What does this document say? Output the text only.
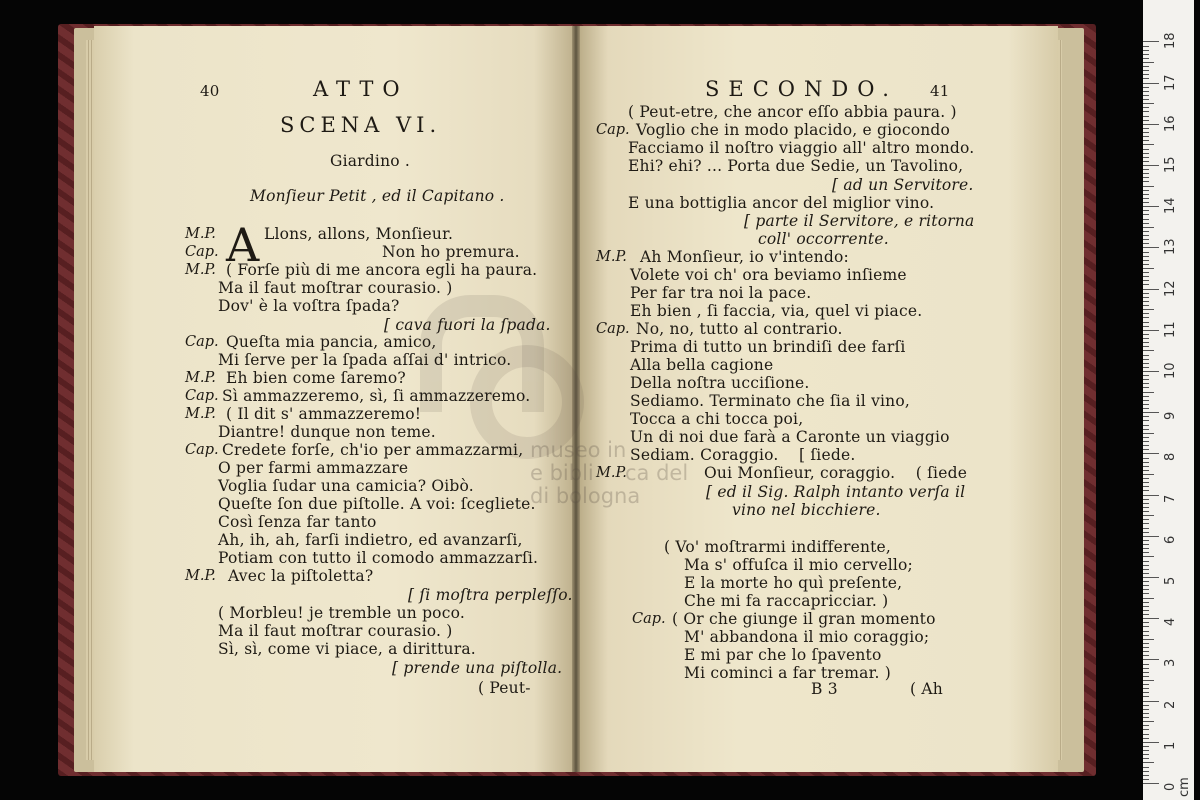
museo in
e bibli ca del
di bologna
40	ATTO
SCENA VI.
Giardino .
Monſieur Petit , ed il Capitano .
A
M.P.	Llons, allons, Monſieur.
Cap.	Non ho premura.
M.P. ( Forſe più di me ancora egli ha paura.
Ma il faut moſtrar courasio. )
Dov' è la voſtra ſpada?
[ cava fuori la ſpada.
Cap. Queſta mia pancia, amico,
Mi ſerve per la ſpada aſſai d' intrico.
M.P. Eh bien come ſaremo?
Cap. Sì ammazzeremo, sì, ſi ammazzeremo.
M.P. ( Il dit s' ammazzeremo!
Diantre! dunque non teme.
Cap. Credete forſe, ch'io per ammazzarmi,
O per farmi ammazzare
Voglia ſudar una camicia? Oibò.
Queſte ſon due piſtolle. A voi: ſcegliete.
Così ſenza far tanto
Ah, ih, ah, farſi indietro, ed avanzarſi,
Potiam con tutto il comodo ammazzarſi.
M.P. Avec la piſtoletta?
[ ſi moſtra perpleſſo.
( Morbleu! je tremble un poco.
Ma il faut moſtrar courasio. )
Sì, sì, come vi piace, a dirittura.
[ prende una piſtolla.
( Peut-
SECONDO. 41
( Peut-etre, che ancor eſſo abbia paura. )
Cap. Voglio che in modo placido, e giocondo
Facciamo il noſtro viaggio all' altro mondo.
Ehi? ehi? ... Porta due Sedie, un Tavolino,
[ ad un Servitore.
E una bottiglia ancor del miglior vino.
[ parte il Servitore, e ritorna
coll' occorrente.
M.P. Ah Monſieur, io v'intendo:
Volete voi ch' ora beviamo inſieme
Per far tra noi la pace.
Eh bien , ſi faccia, via, quel vi piace.
Cap. No, no, tutto al contrario.
Prima di tutto un brindiſi dee farſi
Alla bella cagione
Della noſtra ucciſione.
Sediamo. Terminato che ſia il vino,
Tocca a chi tocca poi,
Un di noi due farà a Caronte un viaggio
Sediam. Coraggio.    [ ſiede.
M.P.	Oui Monſieur, coraggio.    ( ſiede
[ ed il Sig. Ralph intanto verſa il
vino nel bicchiere.
( Vo' moſtrarmi indifferente,
Ma s' offuſca il mio cervello;
E la morte ho quì preſente,
Che mi fa raccapricciar. )
Cap. ( Or che giunge il gran momento
M' abbandona il mio coraggio;
E mi par che lo ſpavento
Mi cominci a far tremar. )
B 3	( Ah
0
1
2
3
4
5
6
7
8
9
10
11
12
13
14
15
16
17
18
cm
